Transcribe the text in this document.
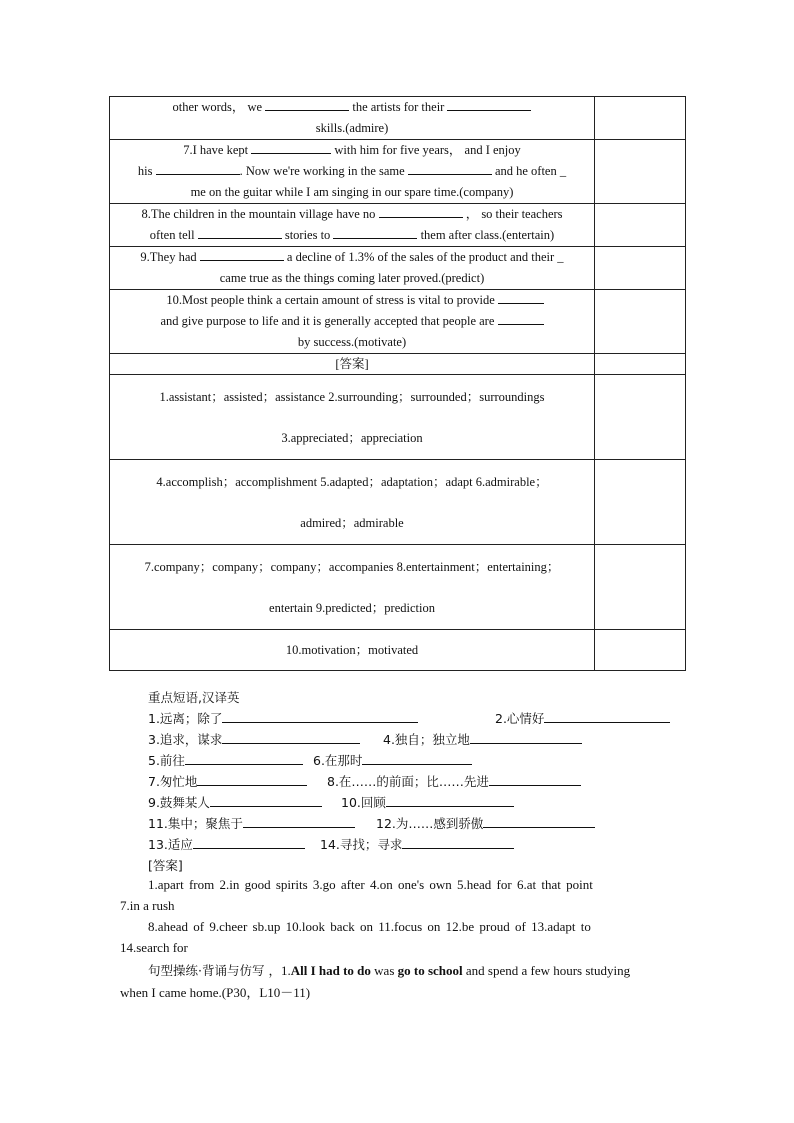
other words， we the artists for their
skills.(admire)	
7.I have kept with him for five years， and I enjoy
his . Now we're working in the same and he often _
me on the guitar while I am singing in our spare time.(company)	
8.The children in the mountain village have no ， so their teachers
often tell stories to them after class.(entertain)	
9.They had a decline of 1.3% of the sales of the product and their _
came true as the things coming later proved.(predict)	
10.Most people think a certain amount of stress is vital to provide
and give purpose to life and it is generally accepted that people are
by success.(motivate)	
[答案]	
1.assistant；assisted；assistance 2.surrounding；surrounded；surroundings
3.appreciated；appreciation	
4.accomplish；accomplishment 5.adapted；adaptation；adapt 6.admirable；
admired；admirable	
7.company；company；company；accompanies 8.entertainment；entertaining；
entertain 9.predicted；prediction	
10.motivation；motivated	
重点短语,汉译英
1.远离；除了	2.心情好
3.追求，谋求	4.独自；独立地
5.前往	6.在那时
7.匆忙地	8.在……的前面；比……先进
9.鼓舞某人	10.回顾
11.集中；聚焦于	12.为……感到骄傲
13.适应	14.寻找；寻求
[答案]
1.apart from 2.in good spirits 3.go after 4.on one's own 5.head for 6.at that point
7.in a rush
8.ahead of 9.cheer sb.up 10.look back on 11.focus on 12.be proud of 13.adapt to
14.search for
句型操练·背诵与仿写 ，1.All I had to do was go to school and spend a few hours studying
when I came home.(P30，L10－11)
